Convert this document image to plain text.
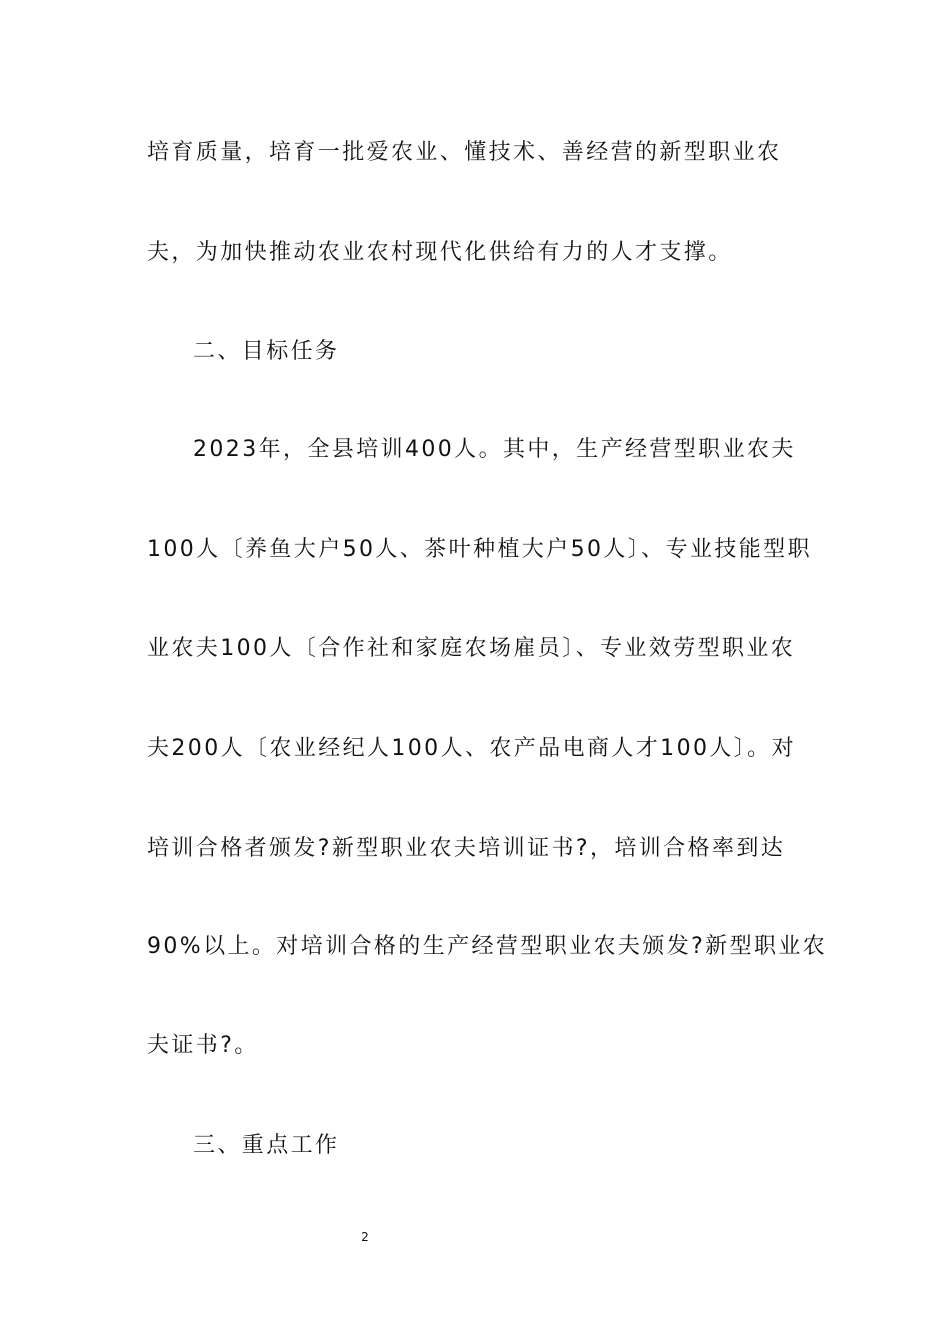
培育质量，培育一批爱农业、懂技术、善经营的新型职业农
夫，为加快推动农业农村现代化供给有力的人才支撑。
二、目标任务
2023年，全县培训400人。其中，生产经营型职业农夫
100人〔养鱼大户50人、茶叶种植大户50人〕、专业技能型职
业农夫100人〔合作社和家庭农场雇员〕、专业效劳型职业农
夫200人〔农业经纪人100人、农产品电商人才100人〕。对
培训合格者颁发?新型职业农夫培训证书?，培训合格率到达
90%以上。对培训合格的生产经营型职业农夫颁发?新型职业农
夫证书?。
三、重点工作
2
